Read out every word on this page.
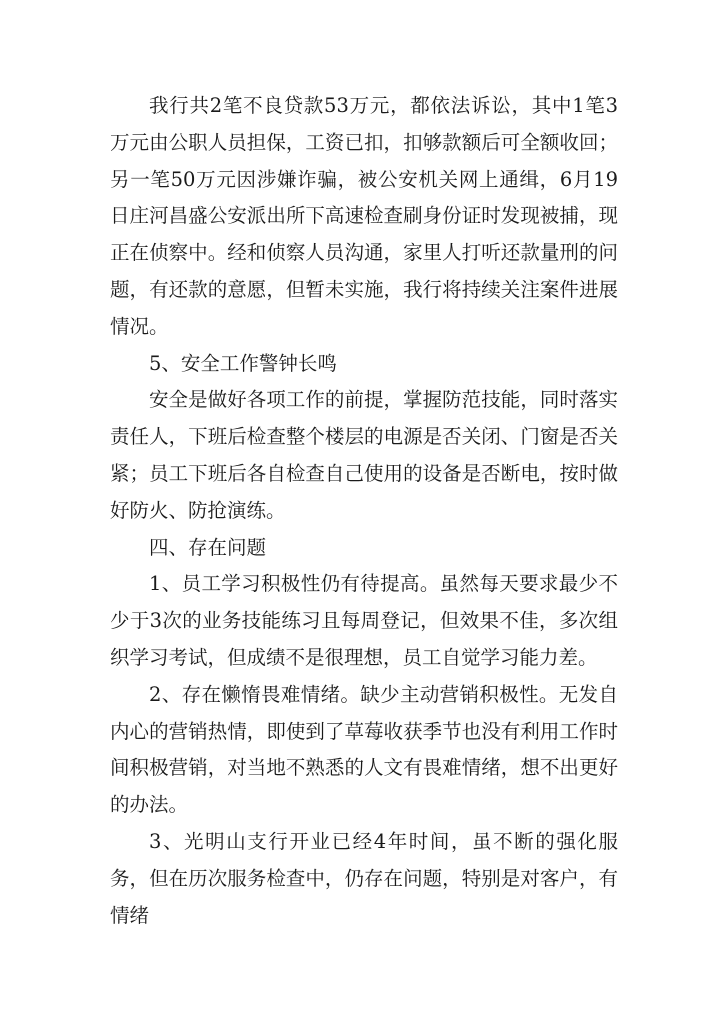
我行共2笔不良贷款53万元，都依法诉讼，其中1笔3万元由公职人员担保，工资已扣，扣够款额后可全额收回；另一笔50万元因涉嫌诈骗，被公安机关网上通缉，6月19日庄河昌盛公安派出所下高速检查刷身份证时发现被捕，现正在侦察中。经和侦察人员沟通，家里人打听还款量刑的问题，有还款的意愿，但暂未实施，我行将持续关注案件进展情况。

5、安全工作警钟长鸣

安全是做好各项工作的前提，掌握防范技能，同时落实责任人，下班后检查整个楼层的电源是否关闭、门窗是否关紧；员工下班后各自检查自己使用的设备是否断电，按时做好防火、防抢演练。

四、存在问题

1、员工学习积极性仍有待提高。虽然每天要求最少不少于3次的业务技能练习且每周登记，但效果不佳，多次组织学习考试，但成绩不是很理想，员工自觉学习能力差。

2、存在懒惰畏难情绪。缺少主动营销积极性。无发自内心的营销热情，即使到了草莓收获季节也没有利用工作时间积极营销，对当地不熟悉的人文有畏难情绪，想不出更好的办法。

3、光明山支行开业已经4年时间，虽不断的强化服务，但在历次服务检查中，仍存在问题，特别是对客户，有情绪
